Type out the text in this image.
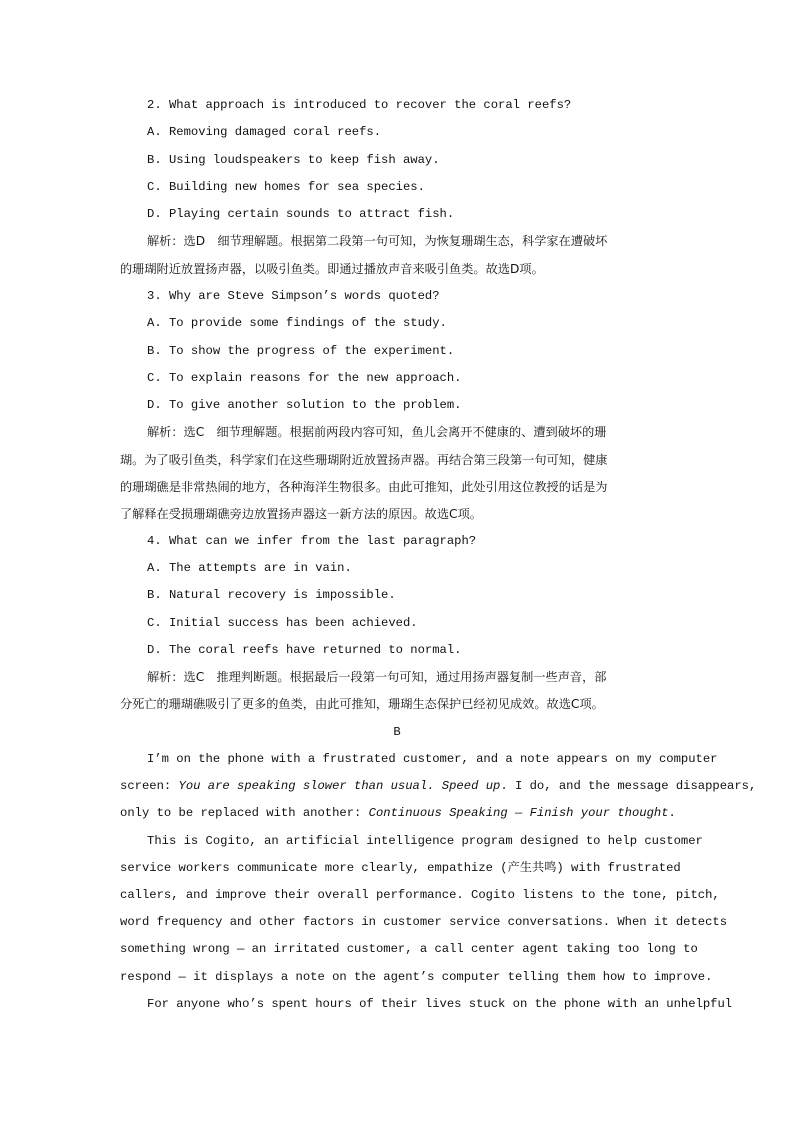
2. What approach is introduced to recover the coral reefs?
A. Removing damaged coral reefs.
B. Using loudspeakers to keep fish away.
C. Building new homes for sea species.
D. Playing certain sounds to attract fish.
解析：选D　细节理解题。根据第二段第一句可知，为恢复珊瑚生态，科学家在遭破坏
的珊瑚附近放置扬声器，以吸引鱼类。即通过播放声音来吸引鱼类。故选D项。
3. Why are Steve Simpson’s words quoted?
A. To provide some findings of the study.
B. To show the progress of the experiment.
C. To explain reasons for the new approach.
D. To give another solution to the problem.
解析：选C　细节理解题。根据前两段内容可知，鱼儿会离开不健康的、遭到破坏的珊
瑚。为了吸引鱼类，科学家们在这些珊瑚附近放置扬声器。再结合第三段第一句可知，健康
的珊瑚礁是非常热闹的地方，各种海洋生物很多。由此可推知，此处引用这位教授的话是为
了解释在受损珊瑚礁旁边放置扬声器这一新方法的原因。故选C项。
4. What can we infer from the last paragraph?
A. The attempts are in vain.
B. Natural recovery is impossible.
C. Initial success has been achieved.
D. The coral reefs have returned to normal.
解析：选C　推理判断题。根据最后一段第一句可知，通过用扬声器复制一些声音，部
分死亡的珊瑚礁吸引了更多的鱼类，由此可推知，珊瑚生态保护已经初见成效。故选C项。
B
I’m on the phone with a frustrated customer, and a note appears on my computer
screen: You are speaking slower than usual. Speed up. I do, and the message disappears,
only to be replaced with another: Continuous Speaking — Finish your thought.
This is Cogito, an artificial intelligence program designed to help customer
service workers communicate more clearly, empathize (产生共鸣) with frustrated
callers, and improve their overall performance. Cogito listens to the tone, pitch,
word frequency and other factors in customer service conversations. When it detects
something wrong — an irritated customer, a call center agent taking too long to
respond — it displays a note on the agent’s computer telling them how to improve.
For anyone who’s spent hours of their lives stuck on the phone with an unhelpful
